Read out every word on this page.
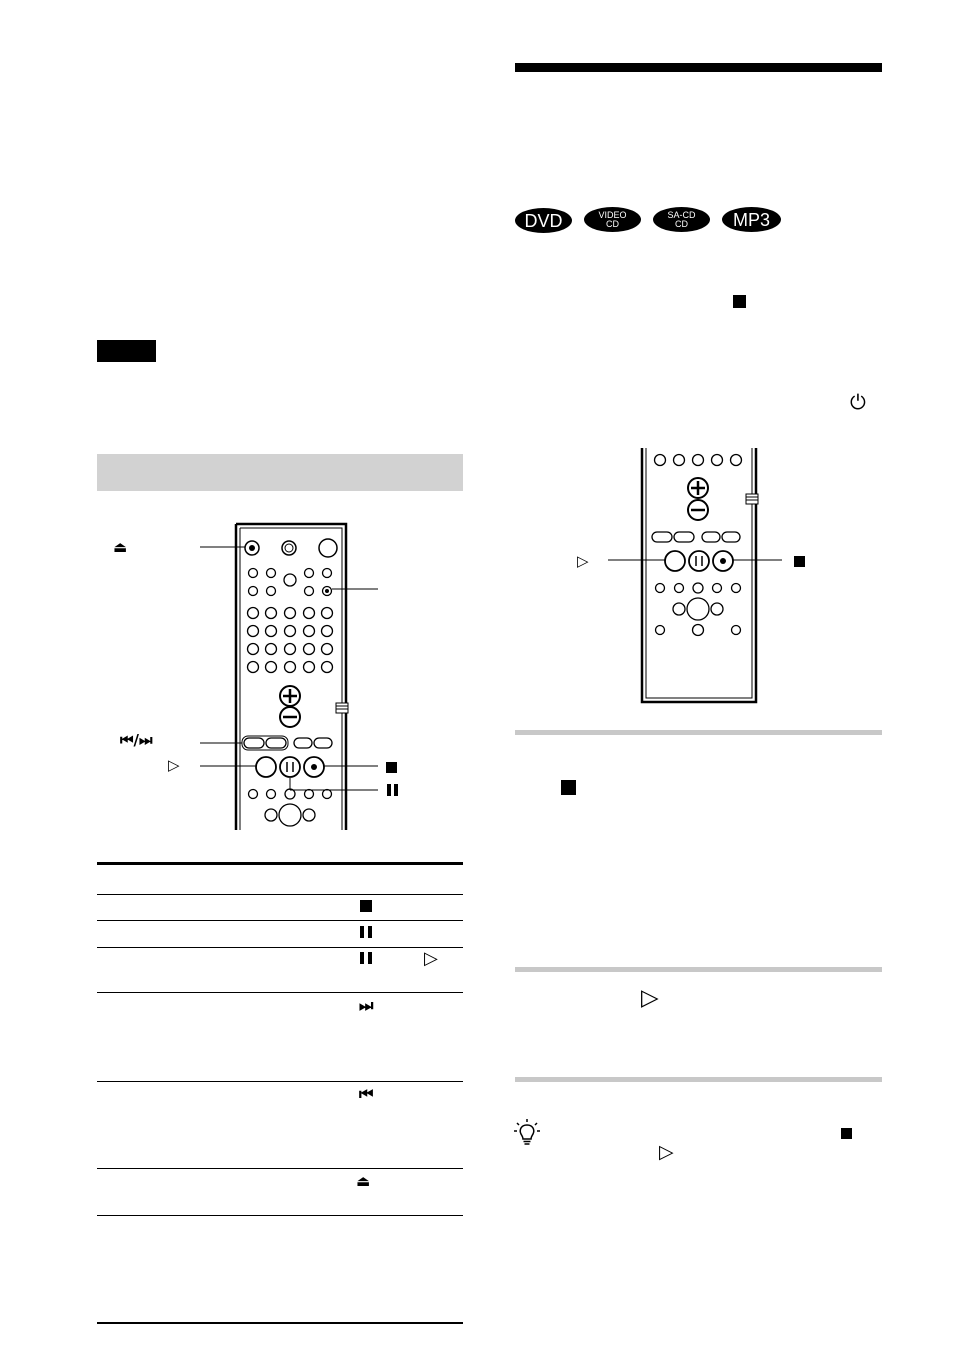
⏏
⏮/⏭
▷
▷
⏭
⏮
⏏
DVD	VIDEO
CD
SA-CD
CD MP3
⏻
▷
▷
▷
